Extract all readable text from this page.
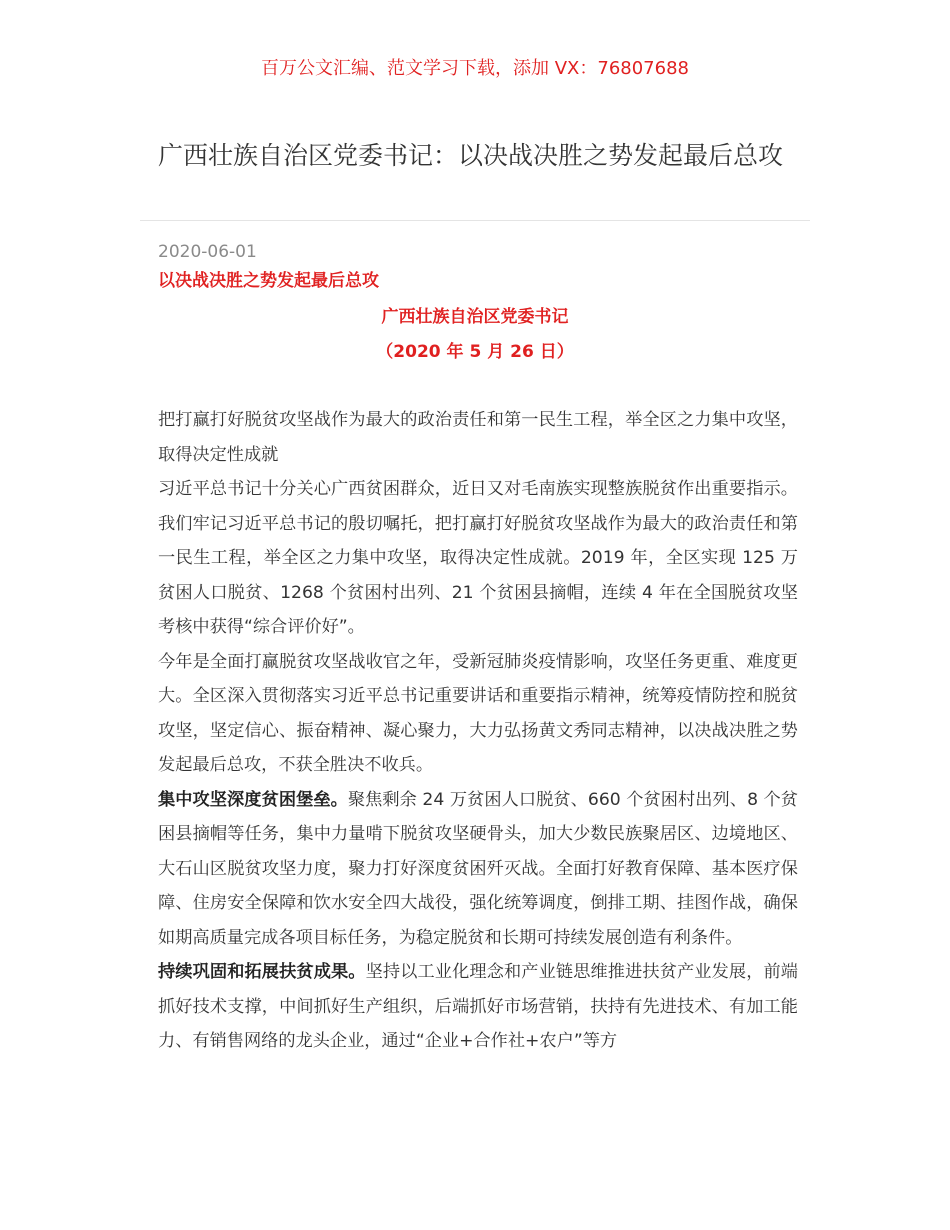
百万公文汇编、范文学习下载，添加 VX：76807688
广西壮族自治区党委书记：以决战决胜之势发起最后总攻
2020-06-01
以决战决胜之势发起最后总攻
广西壮族自治区党委书记
（2020 年 5 月 26 日）

把打赢打好脱贫攻坚战作为最大的政治责任和第一民生工程，举全区之力集中攻坚，取得决定性成就

习近平总书记十分关心广西贫困群众，近日又对毛南族实现整族脱贫作出重要指示。我们牢记习近平总书记的殷切嘱托，把打赢打好脱贫攻坚战作为最大的政治责任和第一民生工程，举全区之力集中攻坚，取得决定性成就。2019 年，全区实现 125 万贫困人口脱贫、1268 个贫困村出列、21 个贫困县摘帽，连续 4 年在全国脱贫攻坚考核中获得“综合评价好”。

今年是全面打赢脱贫攻坚战收官之年，受新冠肺炎疫情影响，攻坚任务更重、难度更大。全区深入贯彻落实习近平总书记重要讲话和重要指示精神，统筹疫情防控和脱贫攻坚，坚定信心、振奋精神、凝心聚力，大力弘扬黄文秀同志精神，以决战决胜之势发起最后总攻，不获全胜决不收兵。

集中攻坚深度贫困堡垒。聚焦剩余 24 万贫困人口脱贫、660 个贫困村出列、8 个贫困县摘帽等任务，集中力量啃下脱贫攻坚硬骨头，加大少数民族聚居区、边境地区、大石山区脱贫攻坚力度，聚力打好深度贫困歼灭战。全面打好教育保障、基本医疗保障、住房安全保障和饮水安全四大战役，强化统筹调度，倒排工期、挂图作战，确保如期高质量完成各项目标任务，为稳定脱贫和长期可持续发展创造有利条件。

持续巩固和拓展扶贫成果。坚持以工业化理念和产业链思维推进扶贫产业发展，前端抓好技术支撑，中间抓好生产组织，后端抓好市场营销，扶持有先进技术、有加工能力、有销售网络的龙头企业，通过“企业+合作社+农户”等方
